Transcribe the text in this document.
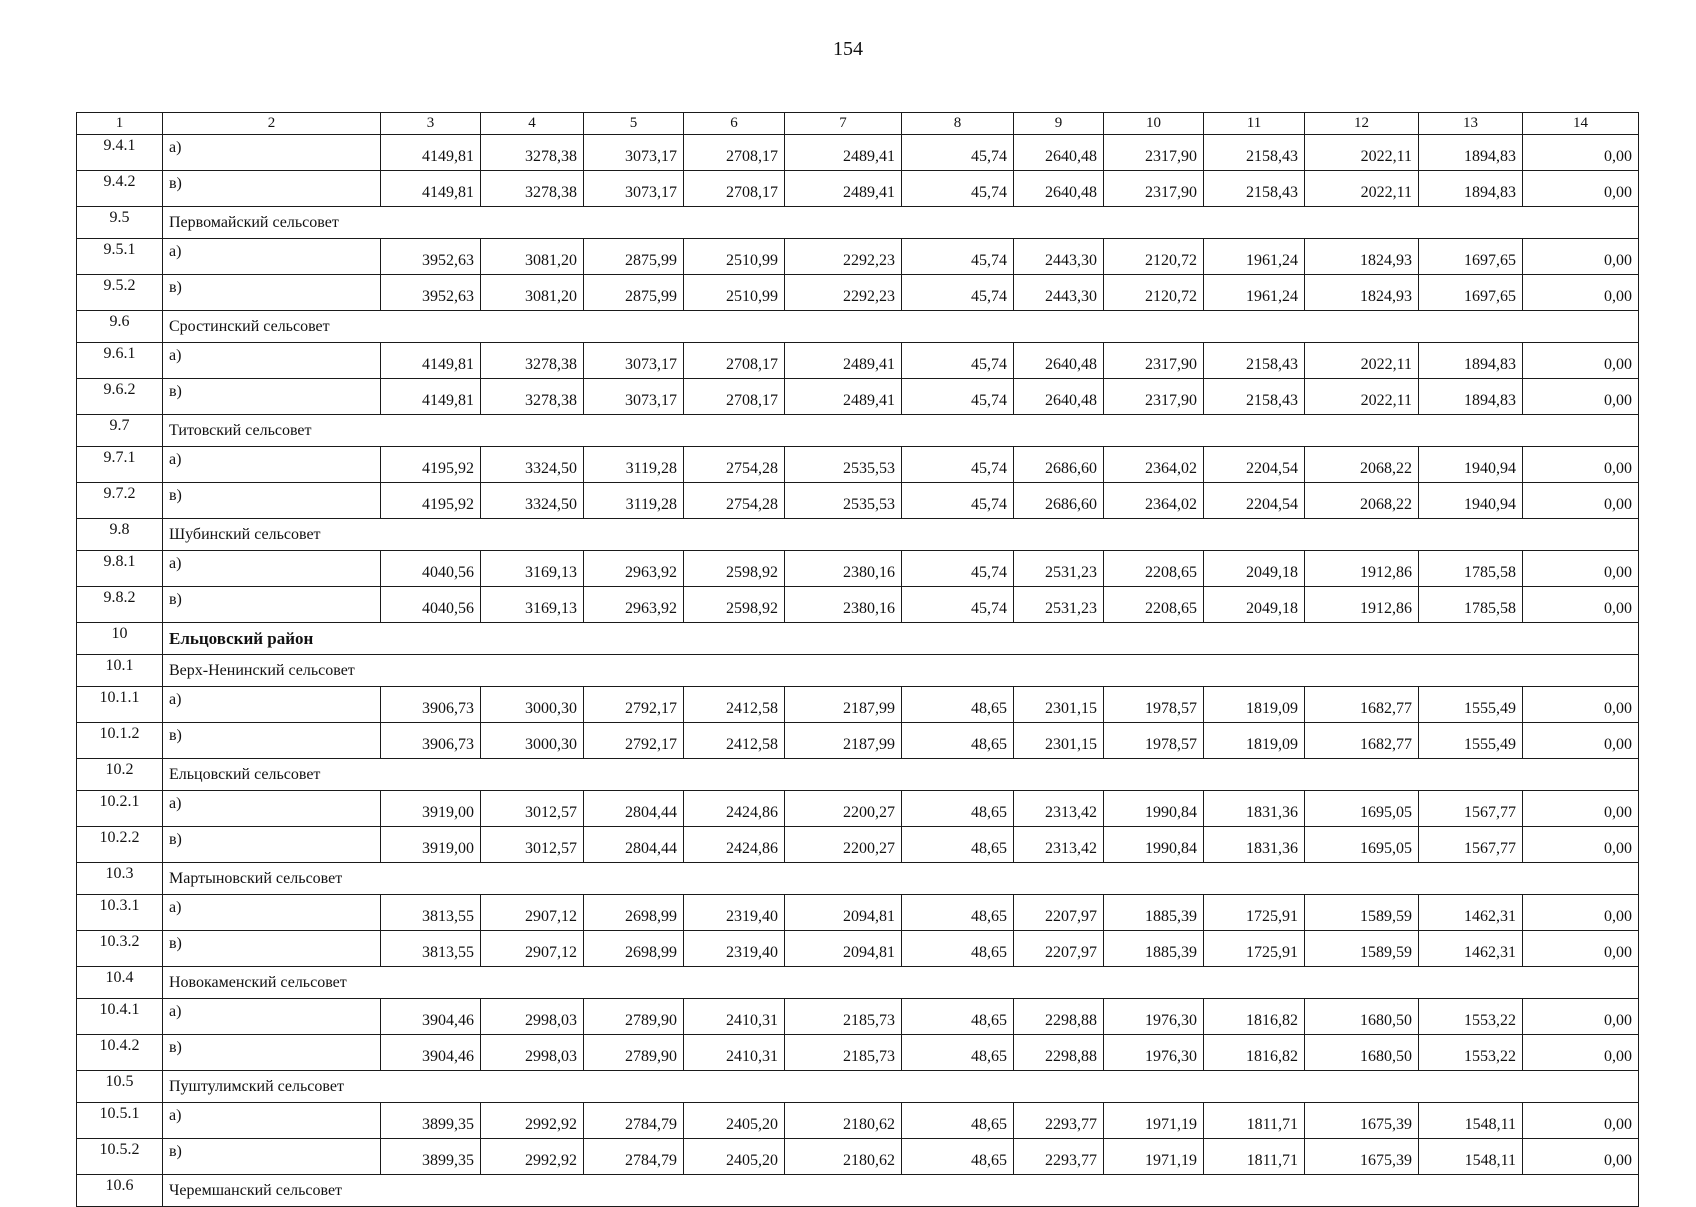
154
1	2	3	4	5	6	7	8	9	10	11	12	13	14
9.4.1	а)	4149,81	3278,38	3073,17	2708,17	2489,41	45,74	2640,48	2317,90	2158,43	2022,11	1894,83	0,00
9.4.2	в)	4149,81	3278,38	3073,17	2708,17	2489,41	45,74	2640,48	2317,90	2158,43	2022,11	1894,83	0,00
9.5	Первомайский сельсовет												
9.5.1	а)	3952,63	3081,20	2875,99	2510,99	2292,23	45,74	2443,30	2120,72	1961,24	1824,93	1697,65	0,00
9.5.2	в)	3952,63	3081,20	2875,99	2510,99	2292,23	45,74	2443,30	2120,72	1961,24	1824,93	1697,65	0,00
9.6	Сростинский сельсовет												
9.6.1	а)	4149,81	3278,38	3073,17	2708,17	2489,41	45,74	2640,48	2317,90	2158,43	2022,11	1894,83	0,00
9.6.2	в)	4149,81	3278,38	3073,17	2708,17	2489,41	45,74	2640,48	2317,90	2158,43	2022,11	1894,83	0,00
9.7	Титовский сельсовет												
9.7.1	а)	4195,92	3324,50	3119,28	2754,28	2535,53	45,74	2686,60	2364,02	2204,54	2068,22	1940,94	0,00
9.7.2	в)	4195,92	3324,50	3119,28	2754,28	2535,53	45,74	2686,60	2364,02	2204,54	2068,22	1940,94	0,00
9.8	Шубинский сельсовет												
9.8.1	а)	4040,56	3169,13	2963,92	2598,92	2380,16	45,74	2531,23	2208,65	2049,18	1912,86	1785,58	0,00
9.8.2	в)	4040,56	3169,13	2963,92	2598,92	2380,16	45,74	2531,23	2208,65	2049,18	1912,86	1785,58	0,00
10	Ельцовский район												
10.1	Верх-Ненинский сельсовет												
10.1.1	а)	3906,73	3000,30	2792,17	2412,58	2187,99	48,65	2301,15	1978,57	1819,09	1682,77	1555,49	0,00
10.1.2	в)	3906,73	3000,30	2792,17	2412,58	2187,99	48,65	2301,15	1978,57	1819,09	1682,77	1555,49	0,00
10.2	Ельцовский сельсовет												
10.2.1	а)	3919,00	3012,57	2804,44	2424,86	2200,27	48,65	2313,42	1990,84	1831,36	1695,05	1567,77	0,00
10.2.2	в)	3919,00	3012,57	2804,44	2424,86	2200,27	48,65	2313,42	1990,84	1831,36	1695,05	1567,77	0,00
10.3	Мартыновский сельсовет												
10.3.1	а)	3813,55	2907,12	2698,99	2319,40	2094,81	48,65	2207,97	1885,39	1725,91	1589,59	1462,31	0,00
10.3.2	в)	3813,55	2907,12	2698,99	2319,40	2094,81	48,65	2207,97	1885,39	1725,91	1589,59	1462,31	0,00
10.4	Новокаменский сельсовет												
10.4.1	а)	3904,46	2998,03	2789,90	2410,31	2185,73	48,65	2298,88	1976,30	1816,82	1680,50	1553,22	0,00
10.4.2	в)	3904,46	2998,03	2789,90	2410,31	2185,73	48,65	2298,88	1976,30	1816,82	1680,50	1553,22	0,00
10.5	Пуштулимский сельсовет												
10.5.1	а)	3899,35	2992,92	2784,79	2405,20	2180,62	48,65	2293,77	1971,19	1811,71	1675,39	1548,11	0,00
10.5.2	в)	3899,35	2992,92	2784,79	2405,20	2180,62	48,65	2293,77	1971,19	1811,71	1675,39	1548,11	0,00
10.6	Черемшанский сельсовет												
